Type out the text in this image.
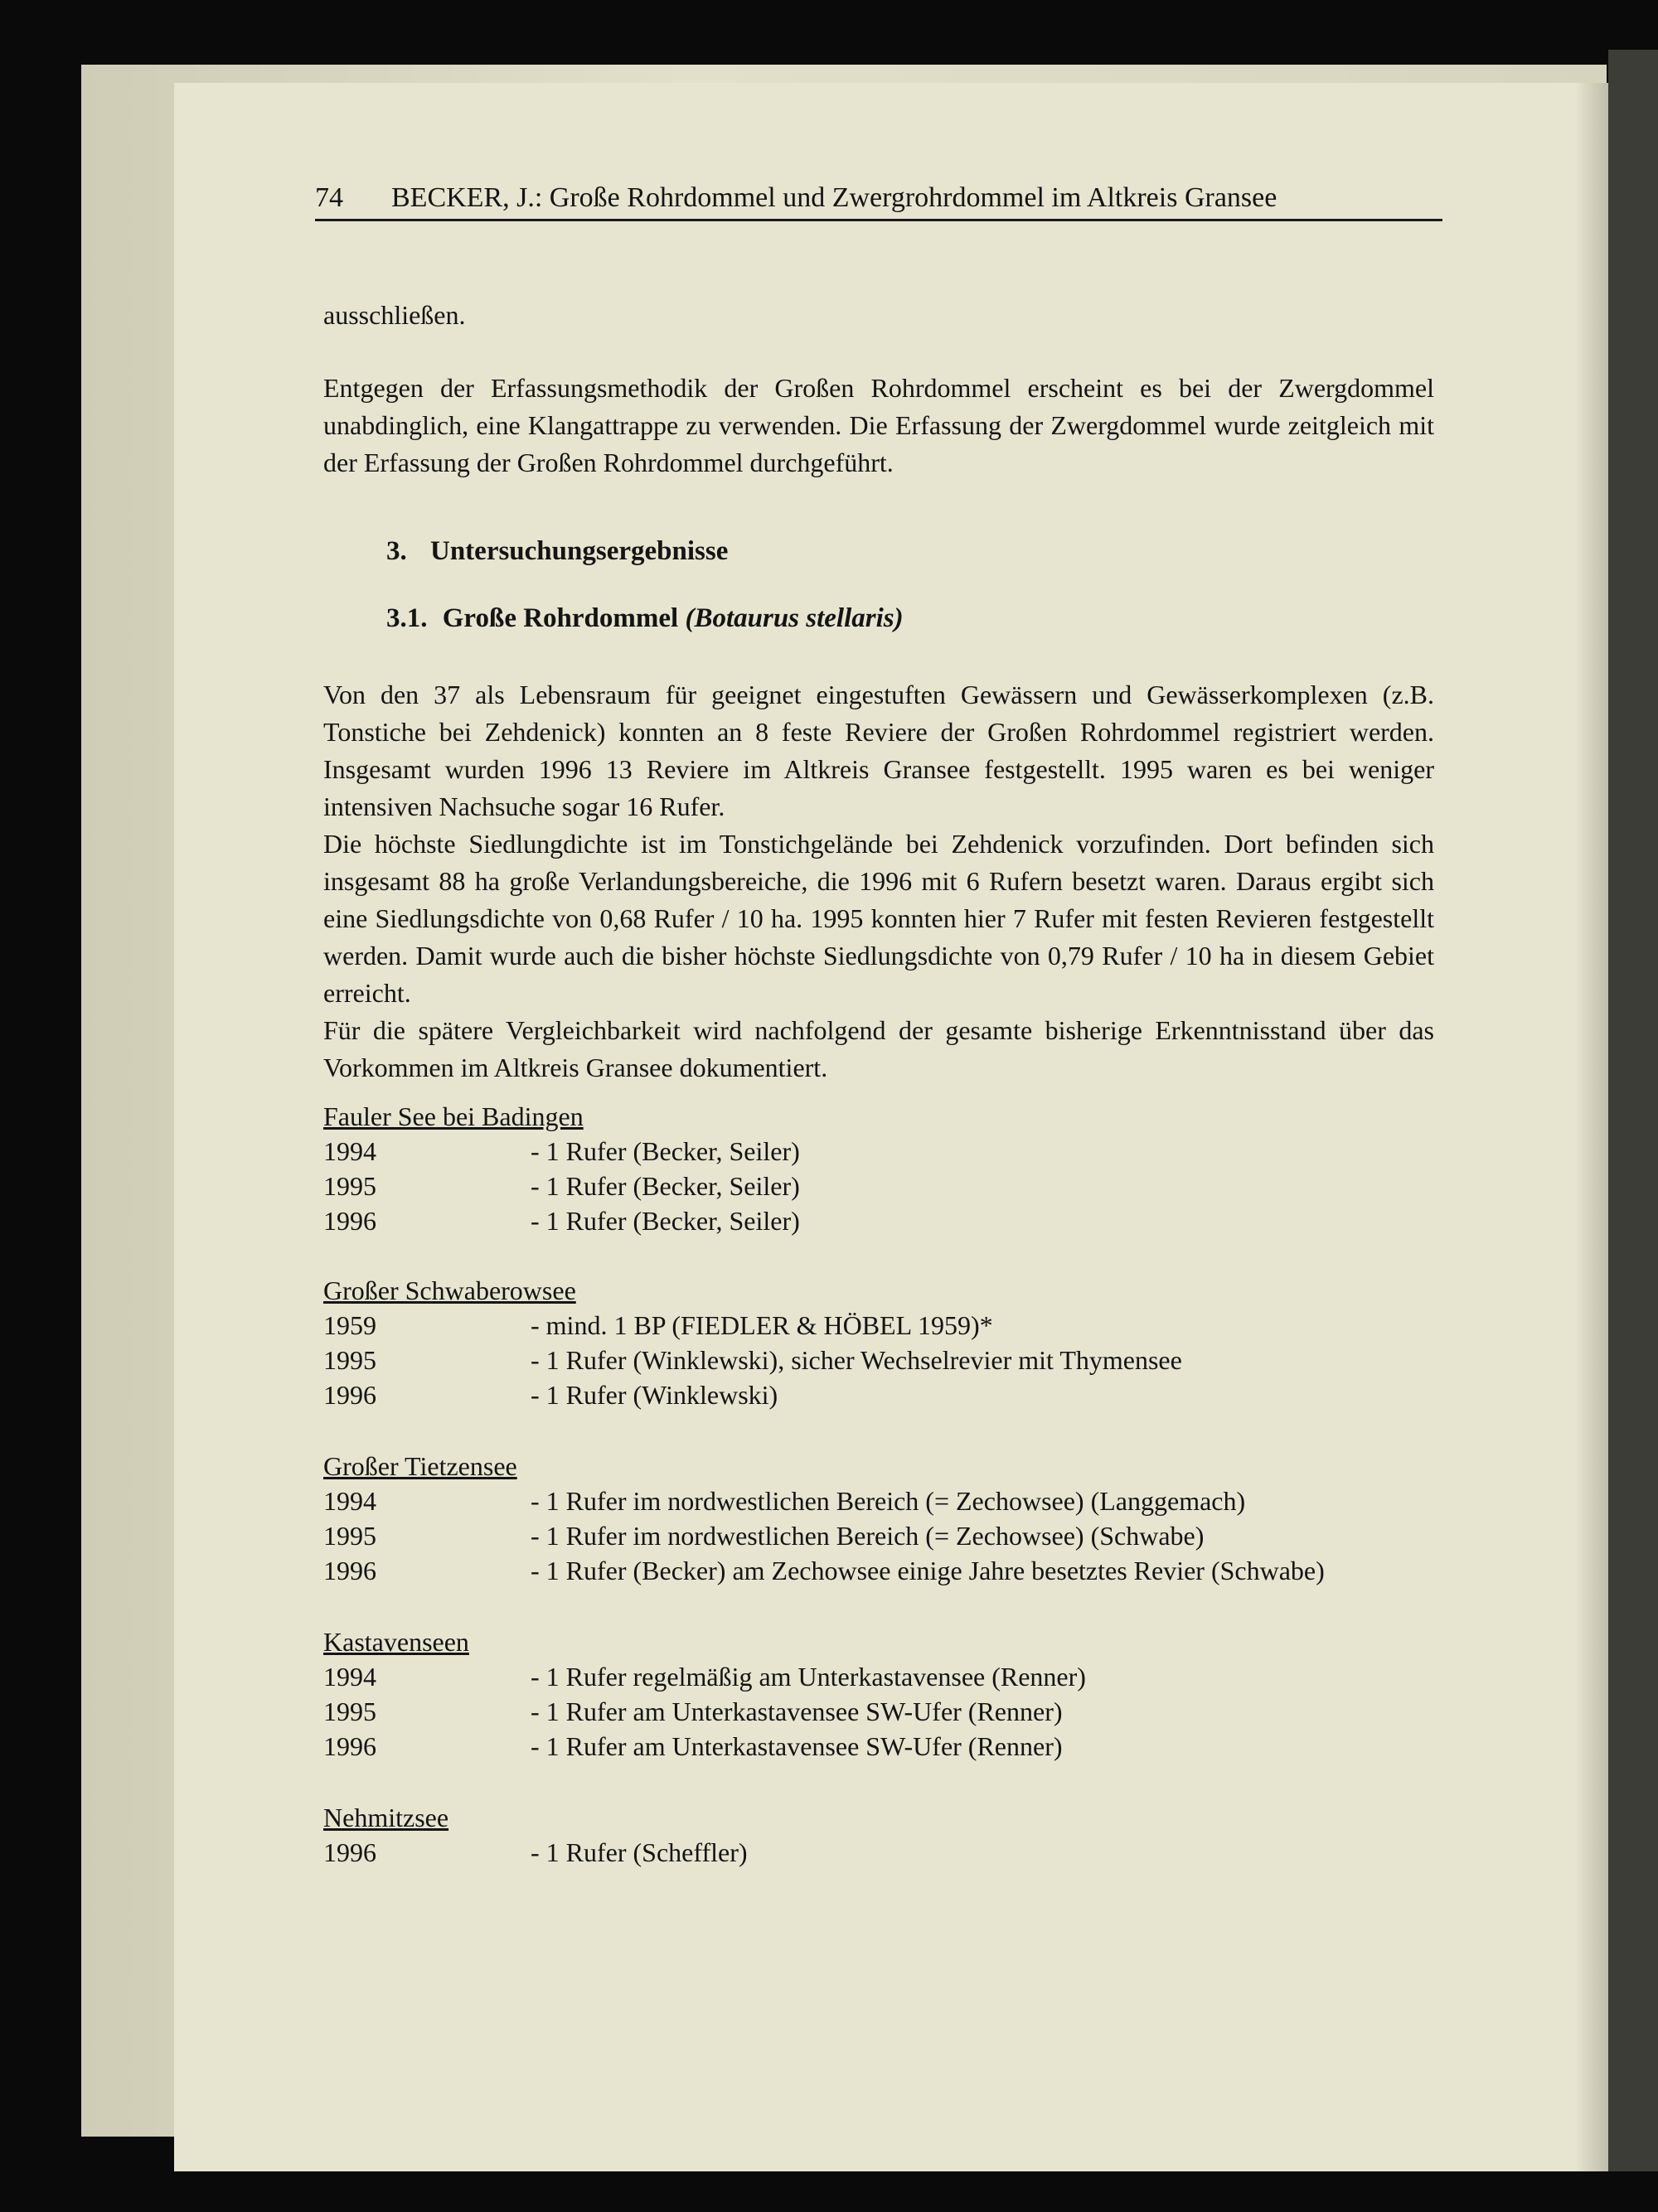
74 BECKER, J.: Große Rohrdommel und Zwergrohrdommel im Altkreis Gransee
ausschließen.
Entgegen der Erfassungsmethodik der Großen Rohrdommel erscheint es bei der Zwergdommel unabdinglich, eine Klangattrappe zu verwenden. Die Erfassung der Zwergdommel wurde zeitgleich mit der Erfassung der Großen Rohrdommel durchgeführt.
3. Untersuchungsergebnisse
3.1. Große Rohrdommel (Botaurus stellaris)
Von den 37 als Lebensraum für geeignet eingestuften Gewässern und Gewässerkomplexen (z.B. Tonstiche bei Zehdenick) konnten an 8 feste Reviere der Großen Rohrdommel registriert werden. Insgesamt wurden 1996 13 Reviere im Altkreis Gransee festgestellt. 1995 waren es bei weniger intensiven Nachsuche sogar 16 Rufer.
Die höchste Siedlungdichte ist im Tonstichgelände bei Zehdenick vorzufinden. Dort befinden sich insgesamt 88 ha große Verlandungsbereiche, die 1996 mit 6 Rufern besetzt waren. Daraus ergibt sich eine Siedlungsdichte von 0,68 Rufer / 10 ha. 1995 konnten hier 7 Rufer mit festen Revieren festgestellt werden. Damit wurde auch die bisher höchste Siedlungsdichte von 0,79 Rufer / 10 ha in diesem Gebiet erreicht.
Für die spätere Vergleichbarkeit wird nachfolgend der gesamte bisherige Erkenntnisstand über das Vorkommen im Altkreis Gransee dokumentiert.
Fauler See bei Badingen
1994	- 1 Rufer (Becker, Seiler)
1995	- 1 Rufer (Becker, Seiler)
1996	- 1 Rufer (Becker, Seiler)
Großer Schwaberowsee
1959	- mind. 1 BP (FIEDLER & HÖBEL 1959)*
1995	- 1 Rufer (Winklewski), sicher Wechselrevier mit Thymensee
1996	- 1 Rufer (Winklewski)
Großer Tietzensee
1994	- 1 Rufer im nordwestlichen Bereich (= Zechowsee) (Langgemach)
1995	- 1 Rufer im nordwestlichen Bereich (= Zechowsee) (Schwabe)
1996	- 1 Rufer (Becker) am Zechowsee einige Jahre besetztes Revier (Schwabe)
Kastavenseen
1994	- 1 Rufer regelmäßig am Unterkastavensee (Renner)
1995	- 1 Rufer am Unterkastavensee SW-Ufer (Renner)
1996	- 1 Rufer am Unterkastavensee SW-Ufer (Renner)
Nehmitzsee
1996	- 1 Rufer (Scheffler)
